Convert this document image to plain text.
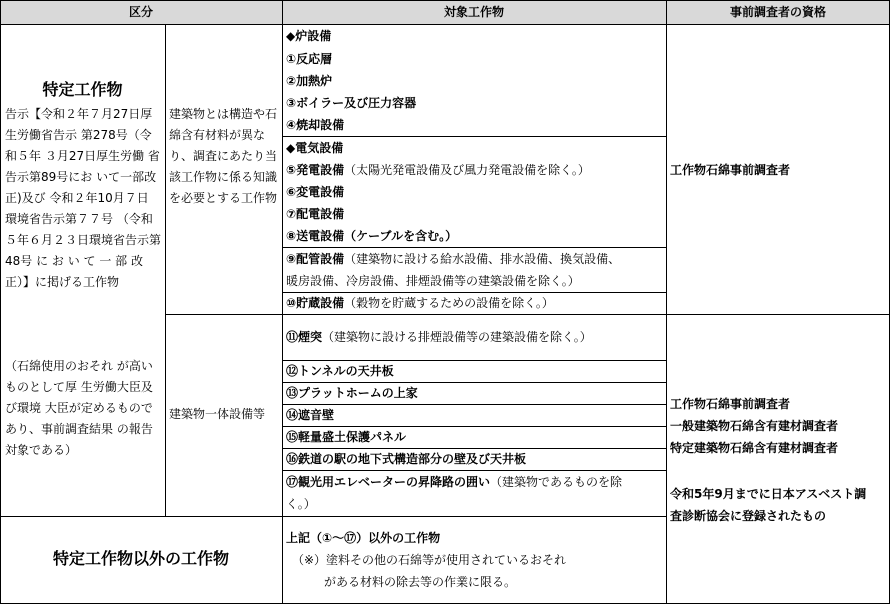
区分	対象工作物	事前調査者の資格
特定工作物
告示【令和２年７月27日厚生労働省告示 第278号（令和５年 ３月27日厚生労働 省告示第89号にお いて一部改正)及び 令和２年10月７日 環境省告示第７７号 （令和５年６月２３日環境省告示第48号 に お い て 一 部 改正）】に掲げる工作物
（石綿使用のおそれ が高いものとして厚 生労働大臣及び環境 大臣が定めるもので あり、事前調査結果 の報告対象である）
特定工作物以外の工作物
建築物とは構造や石綿含有材料が異なり、調査にあたり当該工作物に係る知識を必要とする工作物
建築物一体設備等
◆炉設備
①反応層
②加熱炉
③ボイラー及び圧力容器
④焼却設備
◆電気設備
⑤発電設備（太陽光発電設備及び風力発電設備を除く。）
⑥変電設備
⑦配電設備
⑧送電設備（ケーブルを含む。）
⑨配管設備（建築物に設ける給水設備、排水設備、換気設備、
暖房設備、冷房設備、排煙設備等の建築設備を除く。）
⑩貯蔵設備（穀物を貯蔵するための設備を除く。）
⑪煙突（建築物に設ける排煙設備等の建築設備を除く。）
⑫トンネルの天井板
⑬プラットホームの上家
⑭遮音壁
⑮軽量盛土保護パネル
⑯鉄道の駅の地下式構造部分の壁及び天井板
⑰観光用エレベーターの昇降路の囲い（建築物であるものを除
く。）
上記（①～⑰）以外の工作物
（※）塗料その他の石綿等が使用されているおそれ
がある材料の除去等の作業に限る。
工作物石綿事前調査者
工作物石綿事前調査者
一般建築物石綿含有建材調査者
特定建築物石綿含有建材調査者
令和5年9月までに日本アスベスト調
査診断協会に登録されたもの
